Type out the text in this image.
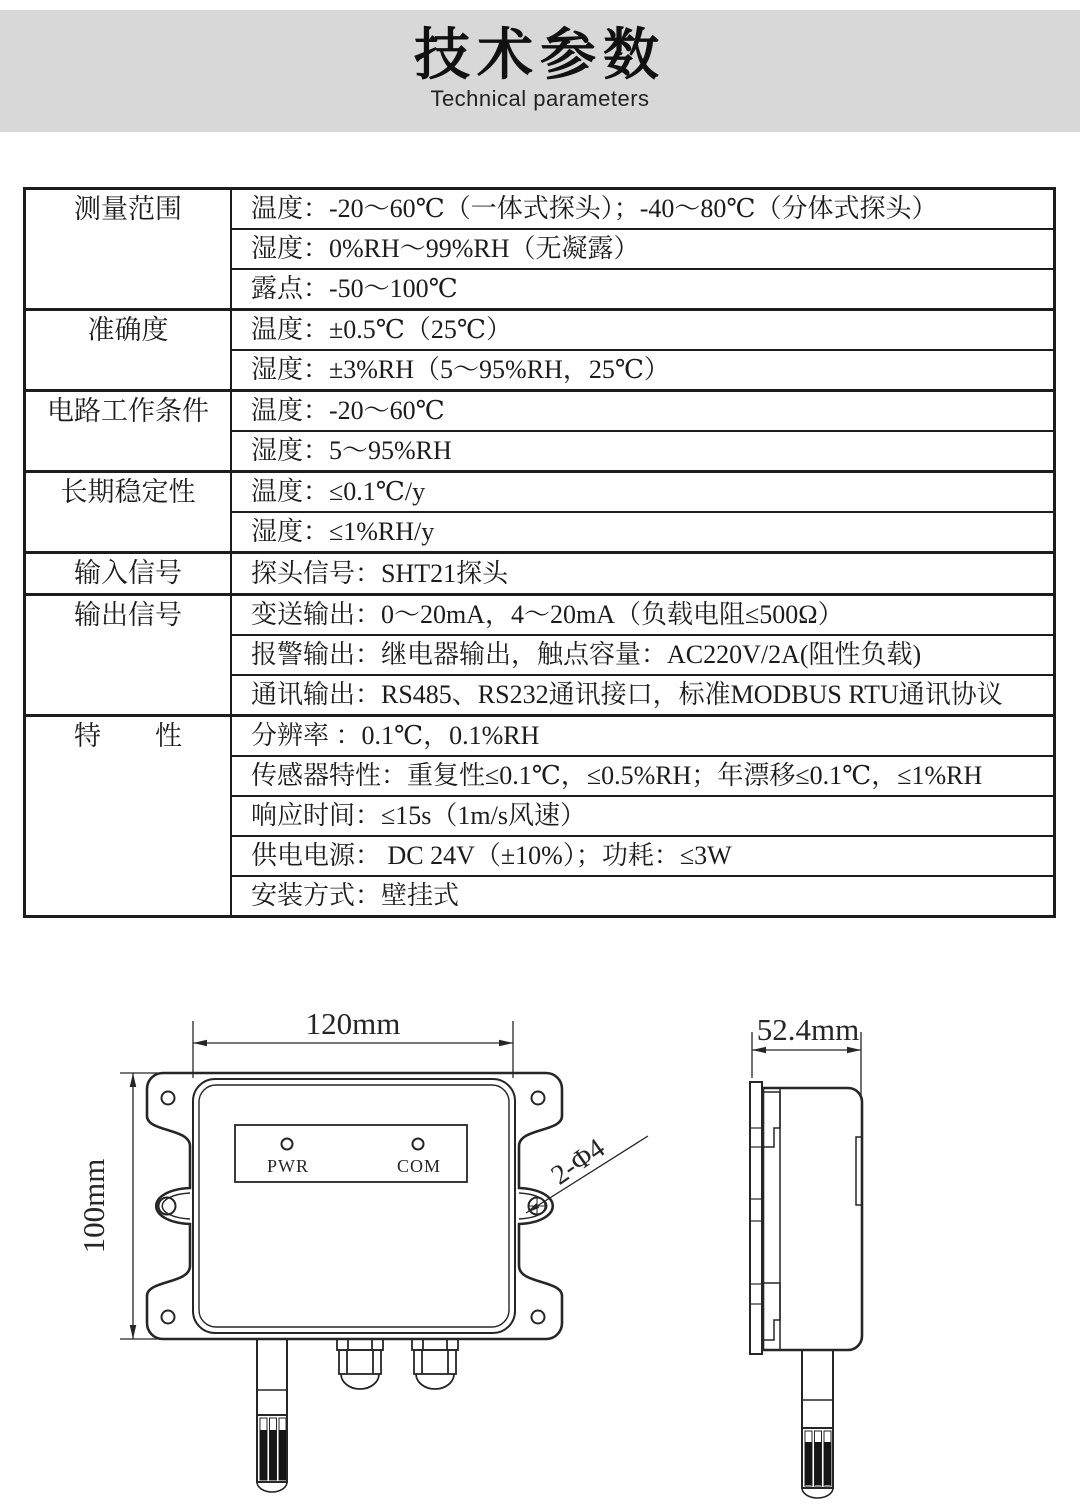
技术参数
Technical parameters
测量范围	温度：-20～60℃（一体式探头）；-40～80℃（分体式探头）
	湿度：0%RH～99%RH（无凝露）
	露点：-50～100℃
准确度	温度：±0.5℃（25℃）
	湿度：±3%RH（5～95%RH，25℃）
电路工作条件	温度：-20～60℃
	湿度：5～95%RH
长期稳定性	温度：≤0.1℃/y
	湿度：≤1%RH/y
输入信号	探头信号：SHT21探头
输出信号	变送输出：0～20mA，4～20mA（负载电阻≤500Ω）
	报警输出：继电器输出，触点容量：AC220V/2A(阻性负载)
	通讯输出：RS485、RS232通讯接口，标准MODBUS RTU通讯协议
特　　性	分辨率 ：0.1℃，0.1%RH
	传感器特性：重复性≤0.1℃，≤0.5%RH；年漂移≤0.1℃，≤1%RH
	响应时间：≤15s（1m/s风速）
	供电电源： DC 24V（±10%）；功耗：≤3W
	安装方式：壁挂式
PWR	COM
120mm
100mm	2-Φ4
52.4mm
